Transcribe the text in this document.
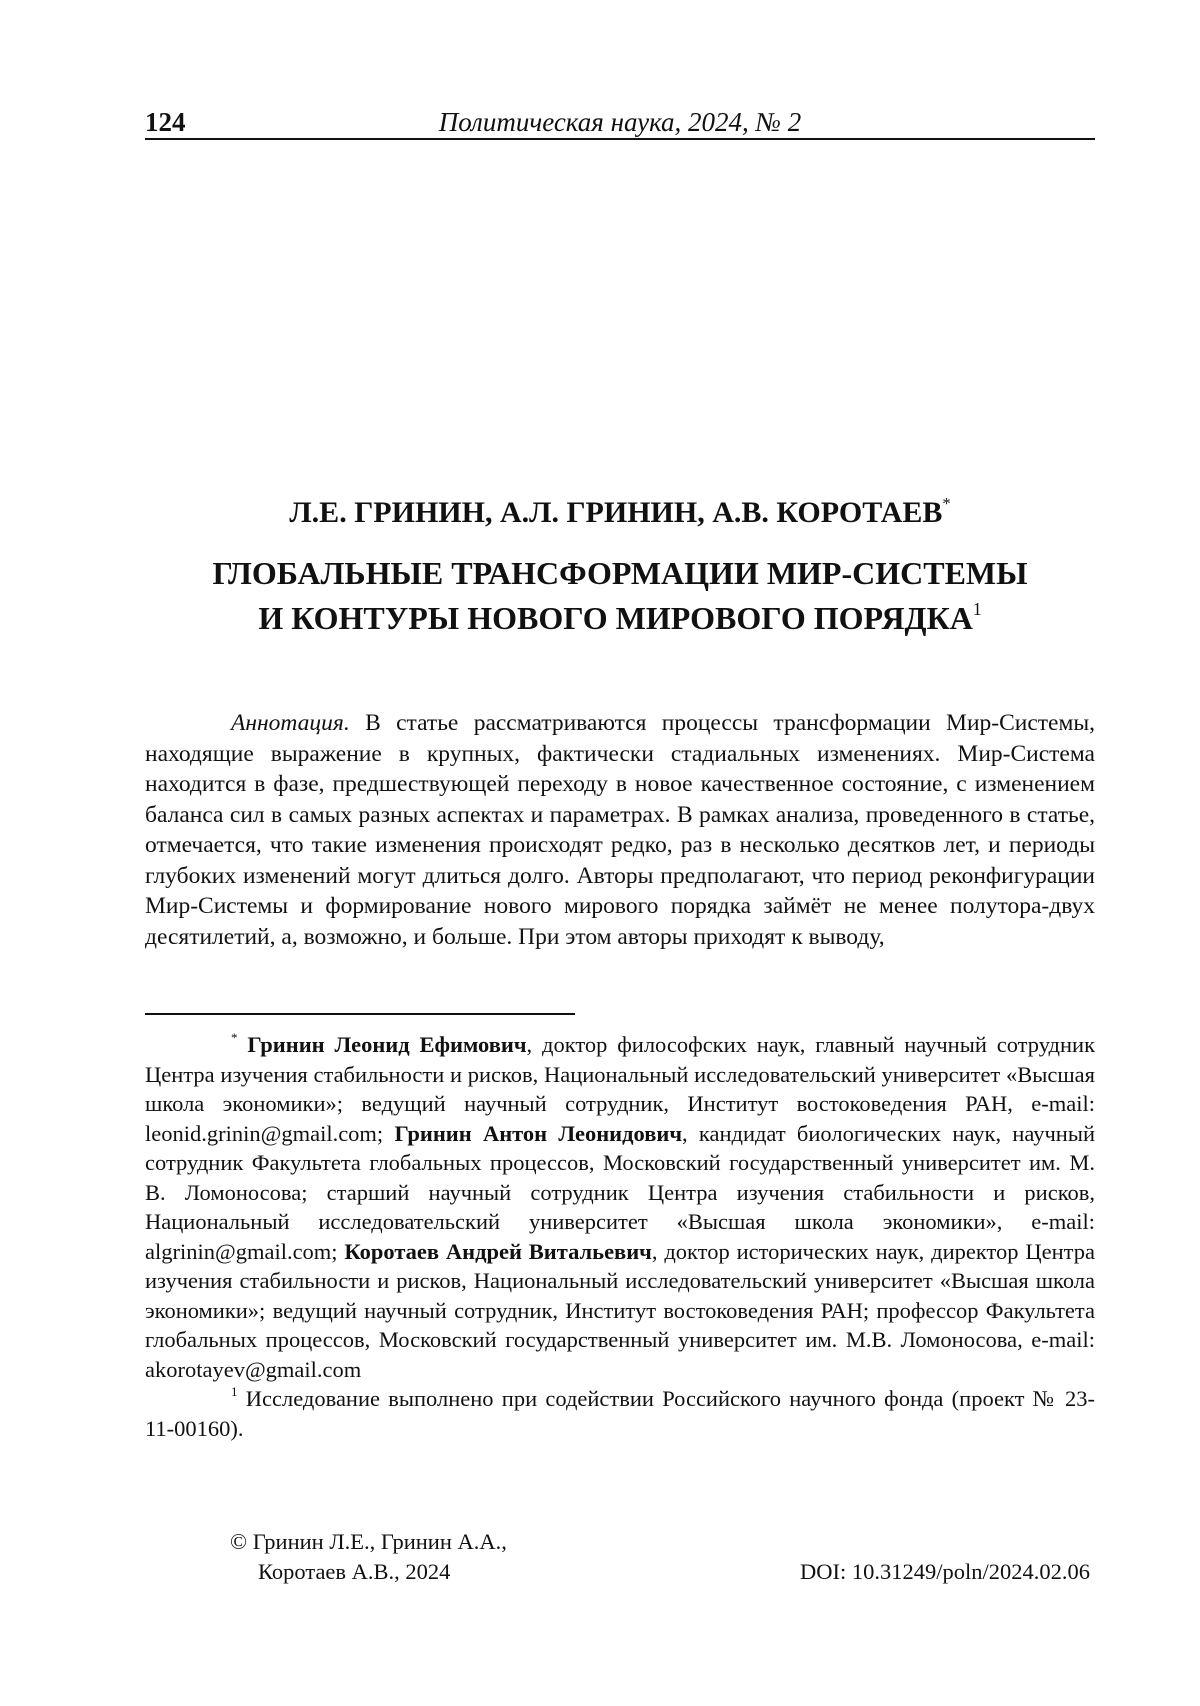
124	Политическая наука, 2024, № 2
Л.Е. ГРИНИН, А.Л. ГРИНИН, А.В. КОРОТАЕВ*
ГЛОБАЛЬНЫЕ ТРАНСФОРМАЦИИ МИР-СИСТЕМЫ
И КОНТУРЫ НОВОГО МИРОВОГО ПОРЯДКА1
Аннотация. В статье рассматриваются процессы трансформации Мир-Системы, находящие выражение в крупных, фактически стадиальных изменениях. Мир-Система находится в фазе, предшествующей переходу в новое качественное состояние, с изменением баланса сил в самых разных аспектах и параметрах. В рамках анализа, проведенного в статье, отмечается, что такие изменения происходят редко, раз в несколько десятков лет, и периоды глубоких изменений могут длиться долго. Авторы предполагают, что период реконфигурации Мир-Системы и формирование нового мирового порядка займёт не менее полутора-двух десятилетий, а, возможно, и больше. При этом авторы приходят к выводу,

* Гринин Леонид Ефимович, доктор философских наук, главный научный сотрудник Центра изучения стабильности и рисков, Национальный исследовательский университет «Высшая школа экономики»; ведущий научный сотрудник, Институт востоковедения РАН, e-mail: leonid.grinin@gmail.com; Гринин Антон Леонидович, кандидат биологических наук, научный сотрудник Факультета глобальных процессов, Московский государственный университет им. М. В. Ломоносова; старший научный сотрудник Центра изучения стабильности и рисков, Национальный исследовательский университет «Высшая школа экономики», e-mail: algrinin@gmail.com; Коротаев Андрей Витальевич, доктор исторических наук, директор Центра изучения стабильности и рисков, Национальный исследовательский университет «Высшая школа экономики»; ведущий научный сотрудник, Институт востоковедения РАН; профессор Факультета глобальных процессов, Московский государственный университет им. М.В. Ломоносова, e-mail: akorotayev@gmail.com

1 Исследование выполнено при содействии Российского научного фонда (проект № 23-11-00160).

© Гринин Л.Е., Гринин А.А.,
Коротаев А.В., 2024	DOI: 10.31249/poln/2024.02.06
